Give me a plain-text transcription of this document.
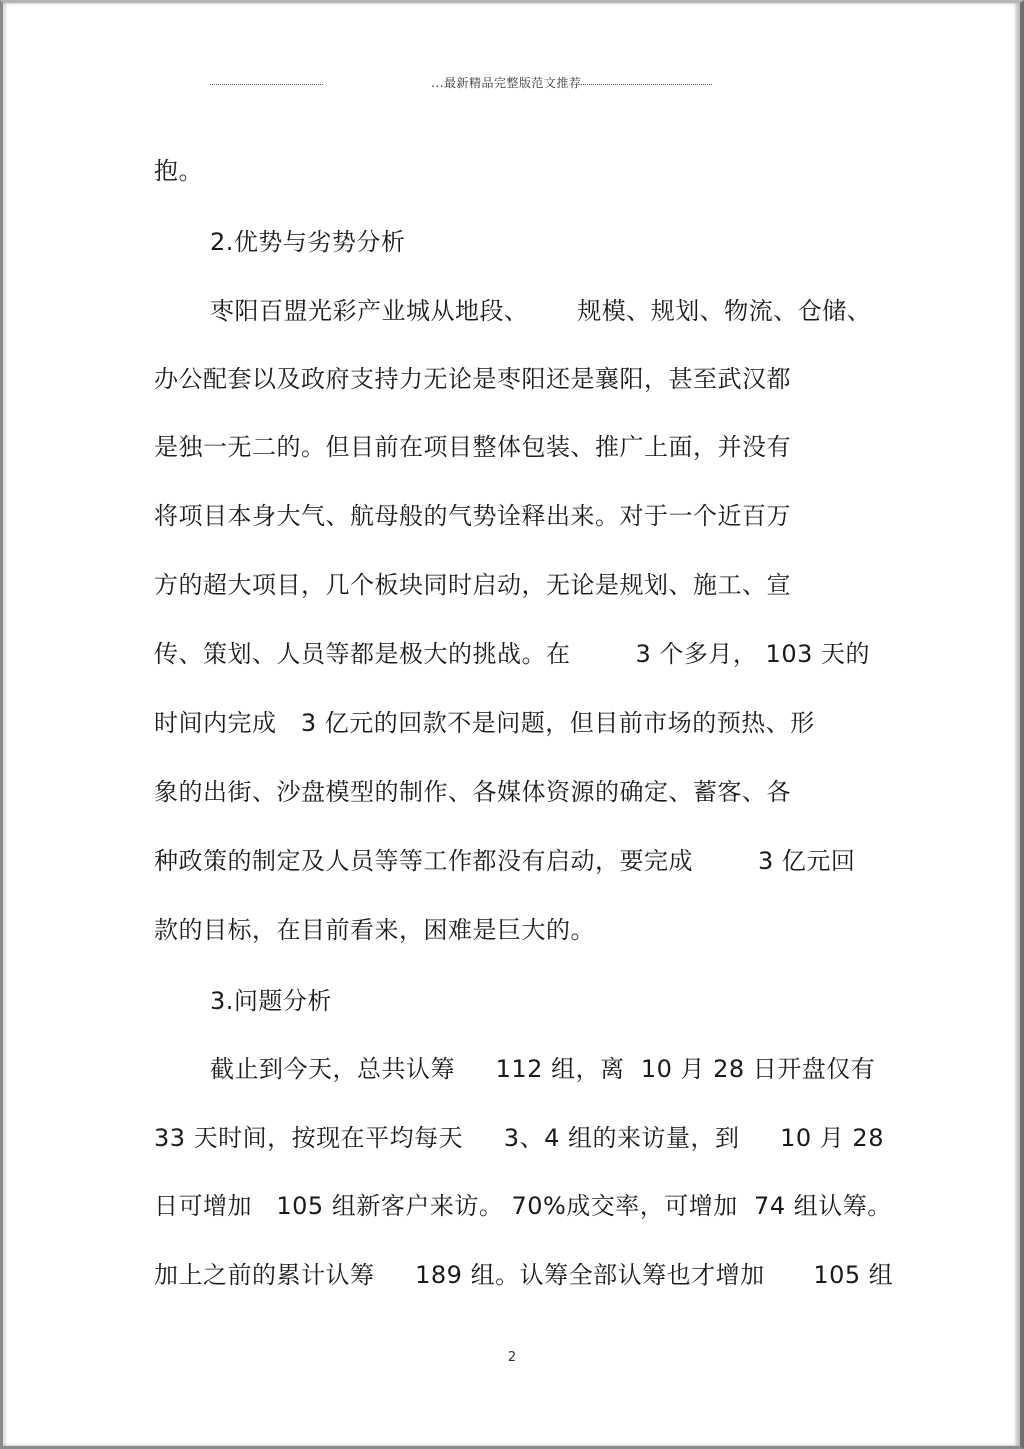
...最新精品完整版范文推荐
抱。
2.优势与劣势分析
枣阳百盟光彩产业城从地段、      规模、规划、物流、仓储、
办公配套以及政府支持力无论是枣阳还是襄阳，甚至武汉都
是独一无二的。但目前在项目整体包装、推广上面，并没有
将项目本身大气、航母般的气势诠释出来。对于一个近百万
方的超大项目，几个板块同时启动，无论是规划、施工、宣
传、策划、人员等都是极大的挑战。在        3 个多月， 103 天的
时间内完成   3 亿元的回款不是问题，但目前市场的预热、形
象的出街、沙盘模型的制作、各媒体资源的确定、蓄客、各
种政策的制定及人员等等工作都没有启动，要完成        3 亿元回
款的目标，在目前看来，困难是巨大的。
3.问题分析
截止到今天，总共认筹     112 组，离  10 月 28 日开盘仅有
33 天时间，按现在平均每天     3、4 组的来访量，到     10 月 28
日可增加   105 组新客户来访。 70%成交率，可增加  74 组认筹。
加上之前的累计认筹     189 组。认筹全部认筹也才增加      105 组
2
